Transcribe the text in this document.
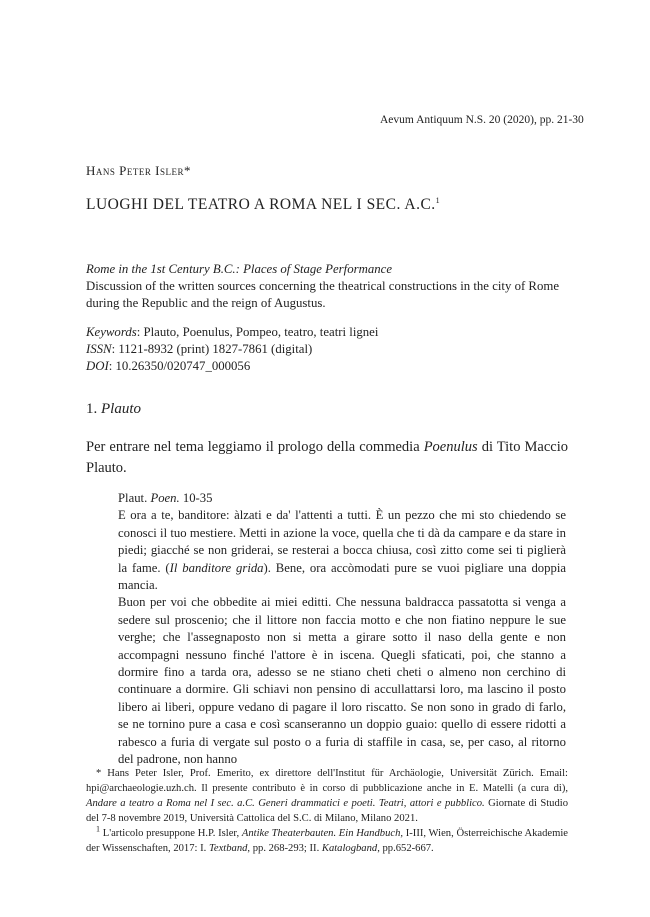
Aevum Antiquum N.S. 20 (2020), pp. 21-30
Hans Peter Isler*
LUOGHI DEL TEATRO A ROMA NEL I SEC. A.C.$^1$

Rome in the 1st Century B.C.: Places of Stage Performance

Discussion of the written sources concerning the theatrical constructions in the city of Rome during the Republic and the reign of Augustus.

Keywords: Plauto, Poenulus, Pompeo, teatro, teatri lignei

ISSN: 1121-8932 (print) 1827-7861 (digital)

DOI: 10.26350/020747_000056

1. Plauto
Per entrare nel tema leggiamo il prologo della commedia Poenulus di Tito Maccio Plauto.

Plaut. Poen. 10-35

E ora a te, banditore: àlzati e da' l'attenti a tutti. È un pezzo che mi sto chiedendo se conosci il tuo mestiere. Metti in azione la voce, quella che ti dà da campare e da stare in piedi; giacché se non griderai, se resterai a bocca chiusa, così zitto come sei ti piglierà la fame. (Il banditore grida). Bene, ora accòmodati pure se vuoi pigliare una doppia mancia.

Buon per voi che obbedite ai miei editti. Che nessuna baldracca passatotta si venga a sedere sul proscenio; che il littore non faccia motto e che non fiatino neppure le sue verghe; che l'assegnaposto non si metta a girare sotto il naso della gente e non accompagni nessuno finché l'attore è in iscena. Quegli sfaticati, poi, che stanno a dormire fino a tarda ora, adesso se ne stiano cheti cheti o almeno non cerchino di continuare a dormire. Gli schiavi non pensino di accullattarsi loro, ma lascino il posto libero ai liberi, oppure vedano di pagare il loro riscatto. Se non sono in grado di farlo, se ne tornino pure a casa e così scanseranno un doppio guaio: quello di essere ridotti a rabesco a furia di vergate sul posto o a furia di staffile in casa, se, per caso, al ritorno del padrone, non hanno

* Hans Peter Isler, Prof. Emerito, ex direttore dell'Institut für Archäologie, Universität Zürich. Email: hpi@archaeologie.uzh.ch. Il presente contributo è in corso di pubblicazione anche in E. Matelli (a cura di), Andare a teatro a Roma nel I sec. a.C. Generi drammatici e poeti. Teatri, attori e pubblico. Giornate di Studio del 7-8 novembre 2019, Università Cattolica del S.C. di Milano, Milano 2021.

$^1$ L'articolo presuppone H.P. Isler, Antike Theaterbauten. Ein Handbuch, I-III, Wien, Österreichische Akademie der Wissenschaften, 2017: I. Textband, pp. 268-293; II. Katalogband, pp.652-667.
